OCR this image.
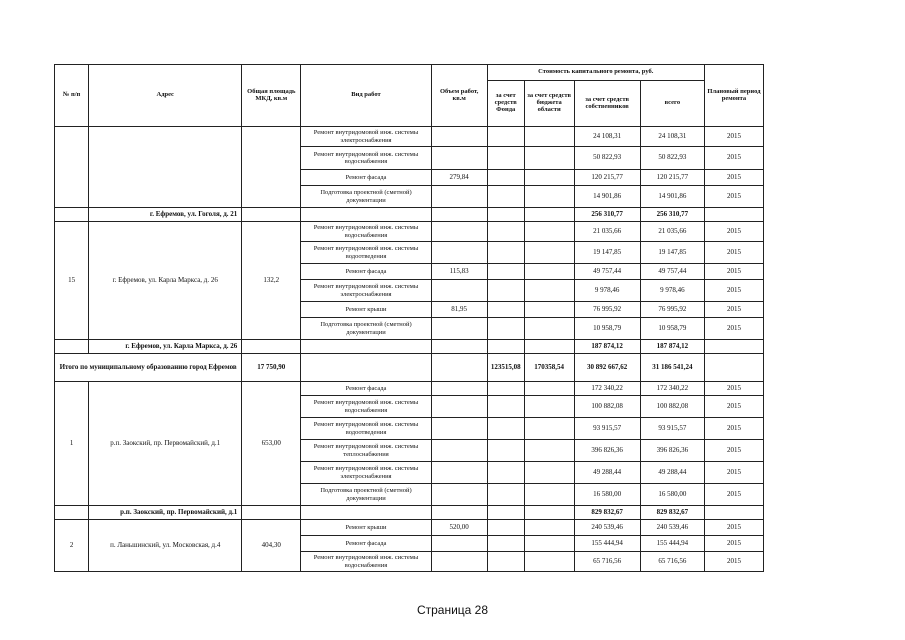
№ п/п	Адрес	Общая площадь МКД, кв.м	Вид работ	Объем работ, кв.м	Стоимость капитального ремонта, руб.				Плановый период ремонта
					за счет средств Фонда	за счет средств бюджета области	за счет средств собственников	всего	
			Ремонт внутридомовой инж. системы электроснабжения				24 108,31	24 108,31	2015
			Ремонт внутридомовой инж. системы водоснабжения				50 822,93	50 822,93	2015
			Ремонт фасада	279,84			120 215,77	120 215,77	2015
			Подготовка проектной (сметной) документации				14 901,86	14 901,86	2015
	г. Ефремов, ул. Гоголя, д. 21						256 310,77	256 310,77	
15	г. Ефремов, ул. Карла Маркса, д. 26	132,2	Ремонт внутридомовой инж. системы водоснабжения				21 035,66	21 035,66	2015
			Ремонт внутридомовой инж. системы водоотведения				19 147,85	19 147,85	2015
			Ремонт фасада	115,83			49 757,44	49 757,44	2015
			Ремонт внутридомовой инж. системы электроснабжения				9 978,46	9 978,46	2015
			Ремонт крыши	81,95			76 995,92	76 995,92	2015
			Подготовка проектной (сметной) документации				10 958,79	10 958,79	2015
	г. Ефремов, ул. Карла Маркса, д. 26						187 874,12	187 874,12	
Итого по муниципальному образованию город Ефремов		17 750,90			123515,08	170358,54	30 892 667,62	31 186 541,24	
1	р.п. Заокский, пр. Первомайский, д.1	653,00	Ремонт фасада				172 340,22	172 340,22	2015
			Ремонт внутридомовой инж. системы водоснабжения				100 882,08	100 882,08	2015
			Ремонт внутридомовой инж. системы водоотведения				93 915,57	93 915,57	2015
			Ремонт внутридомовой инж. системы теплоснабжения				396 826,36	396 826,36	2015
			Ремонт внутридомовой инж. системы электроснабжения				49 288,44	49 288,44	2015
			Подготовка проектной (сметной) документации				16 580,00	16 580,00	2015
	р.п. Заокский, пр. Первомайский, д.1						829 832,67	829 832,67	
2	п. Ланьшинский, ул. Московская, д.4	404,30	Ремонт крыши	520,00			240 539,46	240 539,46	2015
			Ремонт фасада				155 444,94	155 444,94	2015
			Ремонт внутридомовой инж. системы водоснабжения				65 716,56	65 716,56	2015
Страница 28
